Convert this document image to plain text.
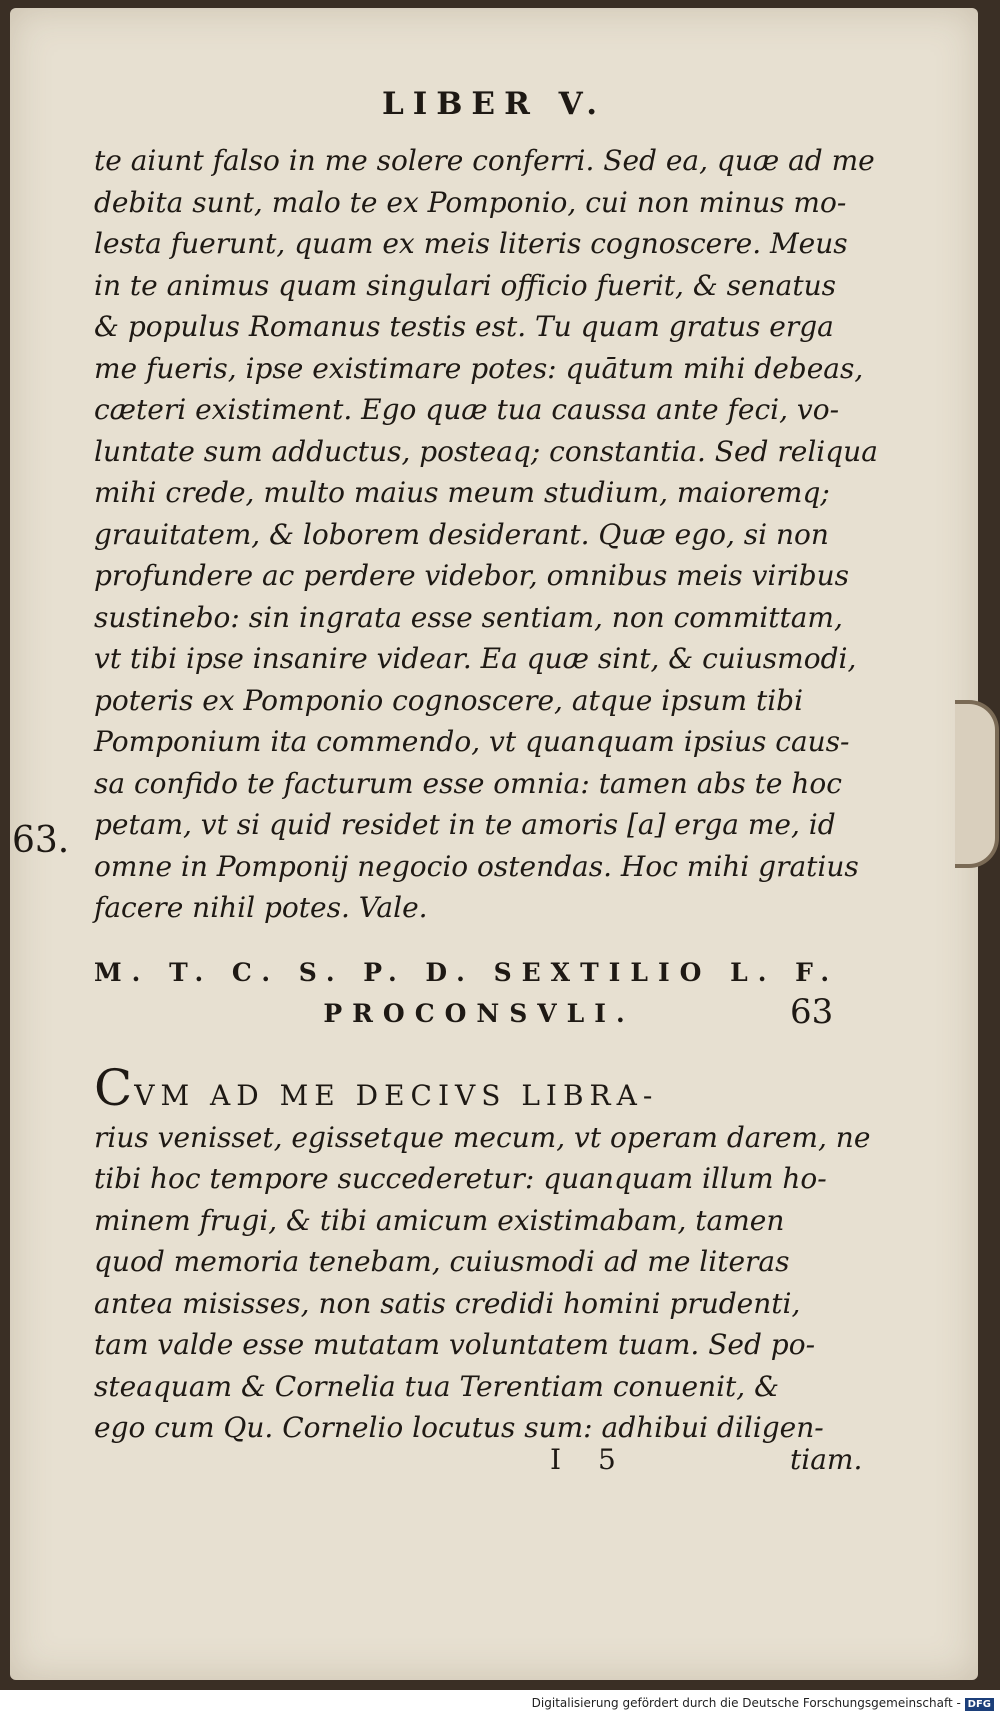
LIBER V.
te aiunt falso in me solere conferri. Sed ea, quæ ad me
debita sunt, malo te ex Pomponio, cui non minus mo-
lesta fuerunt, quam ex meis literis cognoscere. Meus
in te animus quam singulari officio fuerit, & senatus
& populus Romanus testis est. Tu quam gratus erga
me fueris, ipse existimare potes: quātum mihi debeas,
cæteri existiment. Ego quæ tua caussa ante feci, vo-
luntate sum adductus, posteaq; constantia. Sed reliqua
mihi crede, multo maius meum studium, maioremq;
grauitatem, & loborem desiderant. Quæ ego, si non
profundere ac perdere videbor, omnibus meis viribus
sustinebo: sin ingrata esse sentiam, non committam,
vt tibi ipse insanire videar. Ea quæ sint, & cuiusmodi,
poteris ex Pomponio cognoscere, atque ipsum tibi
Pomponium ita commendo, vt quanquam ipsius caus-
sa confido te facturum esse omnia: tamen abs te hoc
petam, vt si quid residet in te amoris [a] erga me, id
omne in Pomponij negocio ostendas. Hoc mihi gratius
facere nihil potes. Vale.
63.
M. T. C. S. P. D. SEXTILIO L. F.
PROCONSVLI.	63
CVM AD ME DECIVS LIBRA-
rius venisset, egissetque mecum, vt operam darem, ne
tibi hoc tempore succederetur: quanquam illum ho-
minem frugi, & tibi amicum existimabam, tamen
quod memoria tenebam, cuiusmodi ad me literas
antea misisses, non satis credidi homini prudenti,
tam valde esse mutatam voluntatem tuam. Sed po-
steaquam & Cornelia tua Terentiam conuenit, &
ego cum Qu. Cornelio locutus sum: adhibui diligen-
I 5	tiam.
Digitalisierung gefördert durch die Deutsche Forschungsgemeinschaft - DFG
